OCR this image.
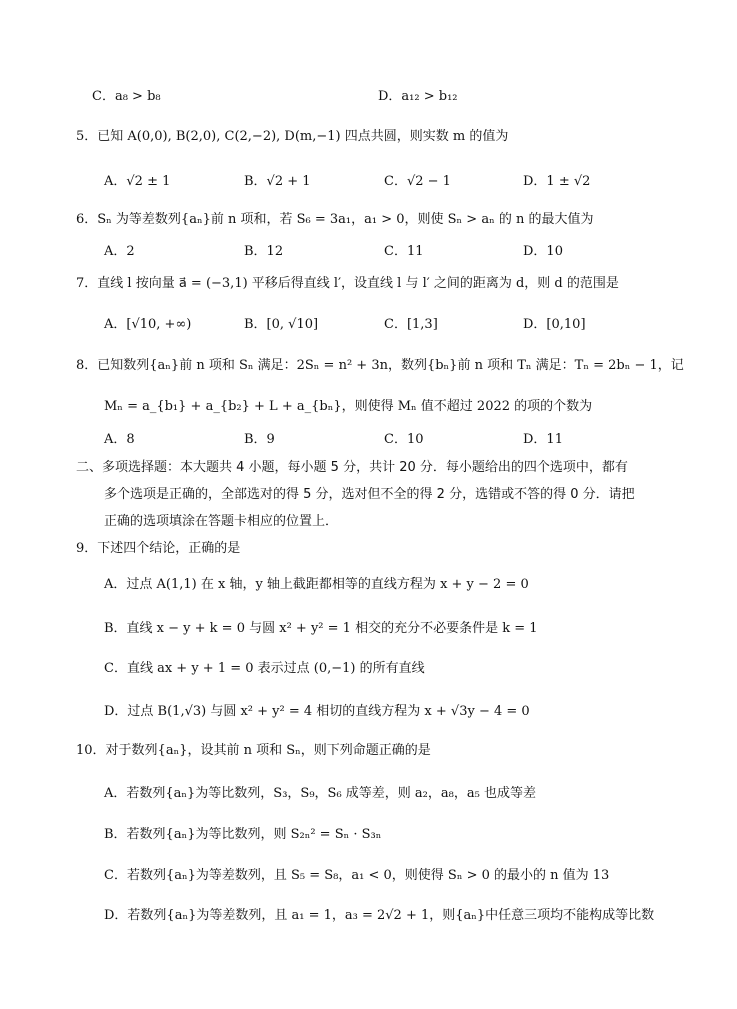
C．a₈ > b₈	D．a₁₂ > b₁₂
5．已知 A(0,0), B(2,0), C(2,−2), D(m,−1) 四点共圆，则实数 m 的值为
A．√2 ± 1	B．√2 + 1	C．√2 − 1	D．1 ± √2
6．Sₙ 为等差数列{aₙ}前 n 项和，若 S₆ = 3a₁，a₁ > 0，则使 Sₙ > aₙ 的 n 的最大值为
A．2	B．12	C．11	D．10
7．直线 l 按向量 a⃗ = (−3,1) 平移后得直线 l′，设直线 l 与 l′ 之间的距离为 d，则 d 的范围是
A．[√10, +∞)	B．[0, √10]	C．[1,3]	D．[0,10]
8．已知数列{aₙ}前 n 项和 Sₙ 满足：2Sₙ = n² + 3n，数列{bₙ}前 n 项和 Tₙ 满足：Tₙ = 2bₙ − 1，记
Mₙ = a_{b₁} + a_{b₂} + L + a_{bₙ}，则使得 Mₙ 值不超过 2022 的项的个数为
A．8	B．9	C．10	D．11
二、多项选择题：本大题共 4 小题，每小题 5 分，共计 20 分．每小题给出的四个选项中，都有
多个选项是正确的，全部选对的得 5 分，选对但不全的得 2 分，选错或不答的得 0 分．请把
正确的选项填涂在答题卡相应的位置上．
9．下述四个结论，正确的是
A．过点 A(1,1) 在 x 轴，y 轴上截距都相等的直线方程为 x + y − 2 = 0
B．直线 x − y + k = 0 与圆 x² + y² = 1 相交的充分不必要条件是 k = 1
C．直线 ax + y + 1 = 0 表示过点 (0,−1) 的所有直线
D．过点 B(1,√3) 与圆 x² + y² = 4 相切的直线方程为 x + √3y − 4 = 0
10．对于数列{aₙ}，设其前 n 项和 Sₙ，则下列命题正确的是
A．若数列{aₙ}为等比数列，S₃，S₉，S₆ 成等差，则 a₂，a₈，a₅ 也成等差
B．若数列{aₙ}为等比数列，则 S₂ₙ² = Sₙ · S₃ₙ
C．若数列{aₙ}为等差数列，且 S₅ = S₈，a₁ < 0，则使得 Sₙ > 0 的最小的 n 值为 13
D．若数列{aₙ}为等差数列，且 a₁ = 1，a₃ = 2√2 + 1，则{aₙ}中任意三项均不能构成等比数
